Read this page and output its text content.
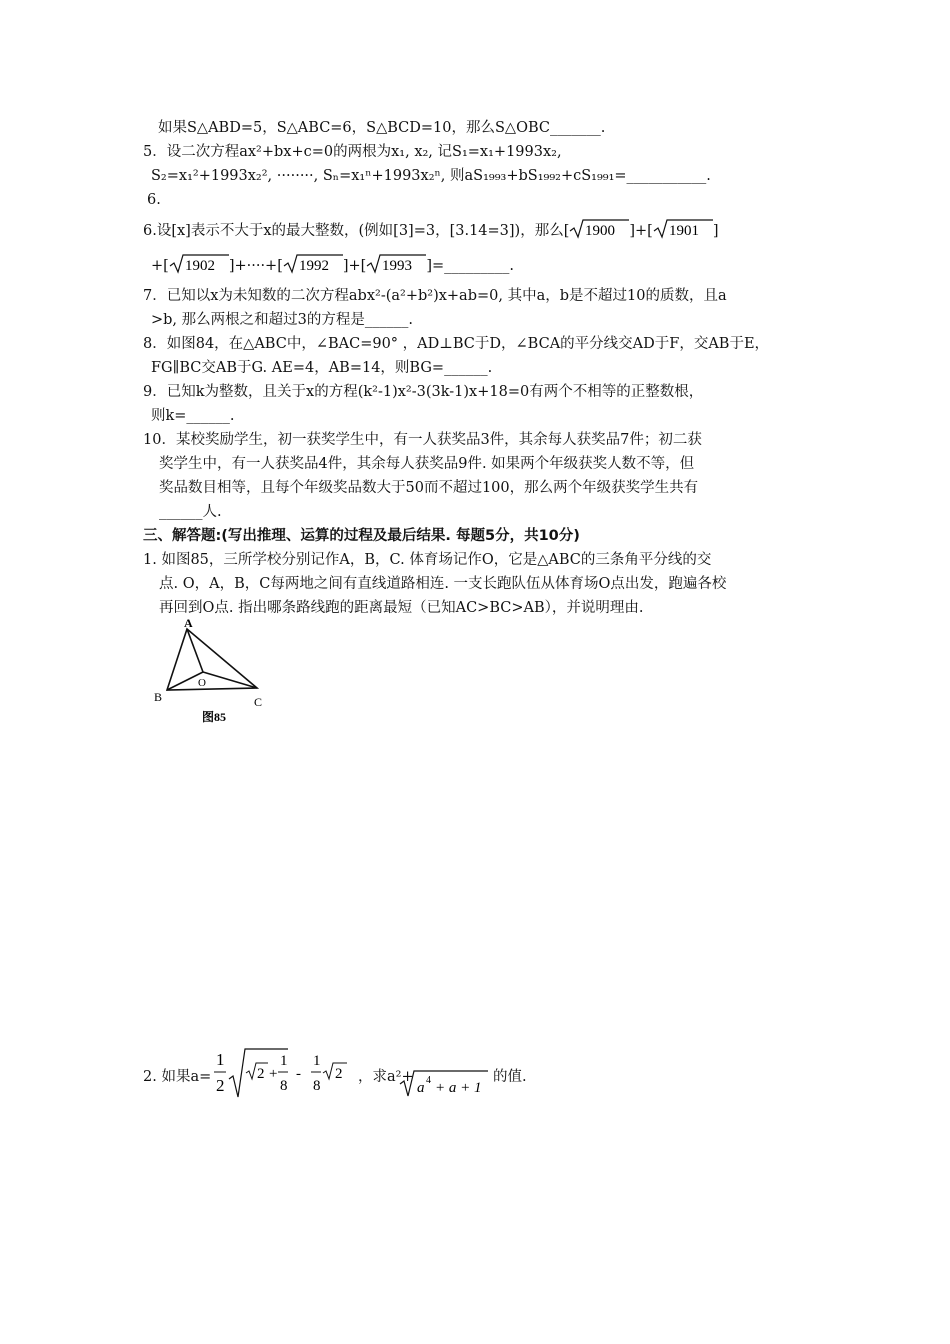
如果S△ABD=5，S△ABC=6，S△BCD=10，那么S△OBC_______.
5．设二次方程ax²+bx+c=0的两根为x₁, x₂, 记S₁=x₁+1993x₂,
S₂=x₁²+1993x₂², ········, Sₙ=x₁ⁿ+1993x₂ⁿ, 则aS₁₉₉₃+bS₁₉₉₂+cS₁₉₉₁=___________.
6.
6.设[x]表示不大于x的最大整数，(例如[3]=3，[3.14=3])，那么[ 1900 ]+[ 1901 ]
+[ 1902 ]+····+[ 1992 ]+[ 1993 ]=_________.
7．已知以x为未知数的二次方程abx²-(a²+b²)x+ab=0, 其中a，b是不超过10的质数，且a
>b, 那么两根之和超过3的方程是______.
8．如图84，在△ABC中，∠BAC=90° ，AD⊥BC于D，∠BCA的平分线交AD于F，交AB于E，
FG∥BC交AB于G. AE=4，AB=14，则BG=______.
9．已知k为整数，且关于x的方程(k²-1)x²-3(3k-1)x+18=0有两个不相等的正整数根，
则k=______.
10．某校奖励学生，初一获奖学生中，有一人获奖品3件，其余每人获奖品7件；初二获
奖学生中，有一人获奖品4件，其余每人获奖品9件. 如果两个年级获奖人数不等，但
奖品数目相等，且每个年级奖品数大于50而不超过100，那么两个年级获奖学生共有
______人.
三、解答题:(写出推理、运算的过程及最后结果. 每题5分，共10分)
1. 如图85，三所学校分别记作A，B，C. 体育场记作O，它是△ABC的三条角平分线的交
点. O，A，B，C每两地之间有直线道路相连. 一支长跑队伍从体育场O点出发，跑遍各校
再回到O点. 指出哪条路线跑的距离最短（已知AC>BC>AB），并说明理由.
A
B	C
O
图85
2. 如果a=
1
2
2 +
1
8
-
1
8
2 ，求a²+
a 4 + a + 1
的值.
